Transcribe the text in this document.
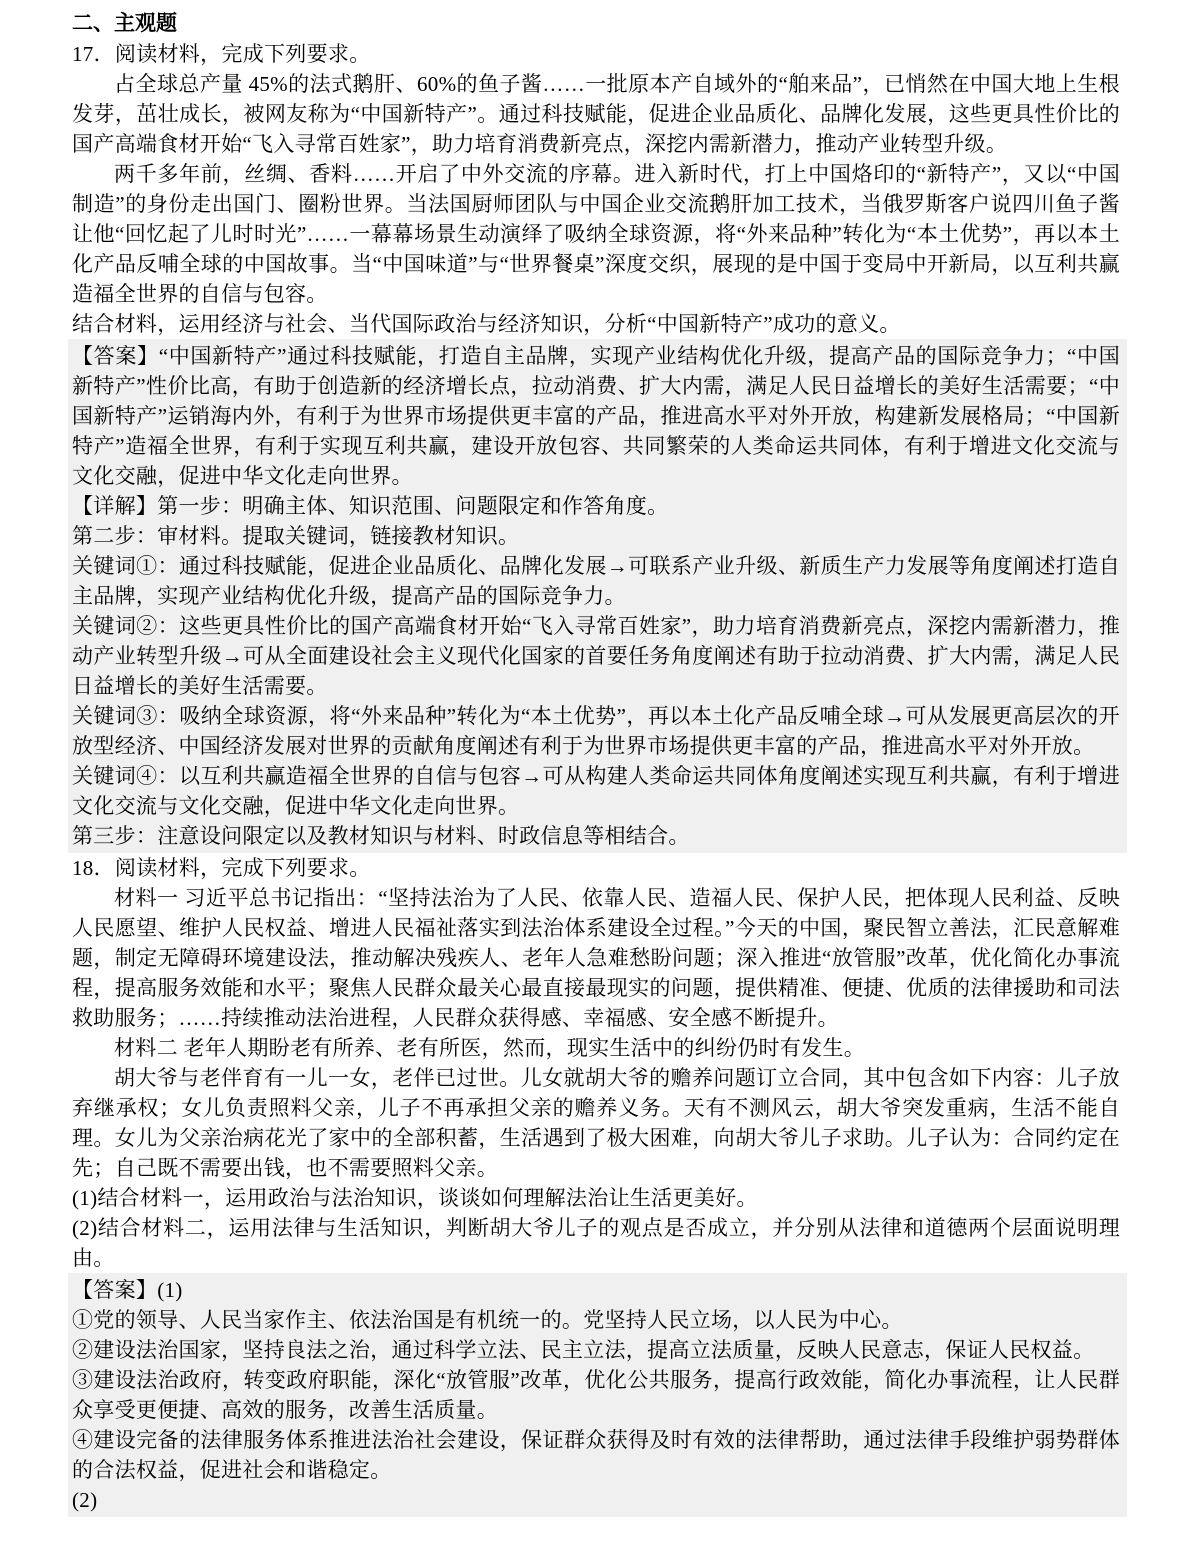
二、主观题

17．阅读材料，完成下列要求。

占全球总产量 45%的法式鹅肝、60%的鱼子酱……一批原本产自域外的“舶来品”，已悄然在中国大地上生根发芽，茁壮成长，被网友称为“中国新特产”。通过科技赋能，促进企业品质化、品牌化发展，这些更具性价比的国产高端食材开始“飞入寻常百姓家”，助力培育消费新亮点，深挖内需新潜力，推动产业转型升级。

两千多年前，丝绸、香料……开启了中外交流的序幕。进入新时代，打上中国烙印的“新特产”，又以“中国制造”的身份走出国门、圈粉世界。当法国厨师团队与中国企业交流鹅肝加工技术，当俄罗斯客户说四川鱼子酱让他“回忆起了儿时时光”……一幕幕场景生动演绎了吸纳全球资源，将“外来品种”转化为“本土优势”，再以本土化产品反哺全球的中国故事。当“中国味道”与“世界餐桌”深度交织，展现的是中国于变局中开新局，以互利共赢造福全世界的自信与包容。

结合材料，运用经济与社会、当代国际政治与经济知识，分析“中国新特产”成功的意义。

【答案】“中国新特产”通过科技赋能，打造自主品牌，实现产业结构优化升级，提高产品的国际竞争力；“中国新特产”性价比高，有助于创造新的经济增长点，拉动消费、扩大内需，满足人民日益增长的美好生活需要；“中国新特产”运销海内外，有利于为世界市场提供更丰富的产品，推进高水平对外开放，构建新发展格局；“中国新特产”造福全世界，有利于实现互利共赢，建设开放包容、共同繁荣的人类命运共同体，有利于增进文化交流与文化交融，促进中华文化走向世界。

【详解】第一步：明确主体、知识范围、问题限定和作答角度。

第二步：审材料。提取关键词，链接教材知识。

关键词①：通过科技赋能，促进企业品质化、品牌化发展→可联系产业升级、新质生产力发展等角度阐述打造自主品牌，实现产业结构优化升级，提高产品的国际竞争力。

关键词②：这些更具性价比的国产高端食材开始“飞入寻常百姓家”，助力培育消费新亮点，深挖内需新潜力，推动产业转型升级→可从全面建设社会主义现代化国家的首要任务角度阐述有助于拉动消费、扩大内需，满足人民日益增长的美好生活需要。

关键词③：吸纳全球资源，将“外来品种”转化为“本土优势”，再以本土化产品反哺全球→可从发展更高层次的开放型经济、中国经济发展对世界的贡献角度阐述有利于为世界市场提供更丰富的产品，推进高水平对外开放。

关键词④：以互利共赢造福全世界的自信与包容→可从构建人类命运共同体角度阐述实现互利共赢，有利于增进文化交流与文化交融，促进中华文化走向世界。

第三步：注意设问限定以及教材知识与材料、时政信息等相结合。

18．阅读材料，完成下列要求。

材料一 习近平总书记指出：“坚持法治为了人民、依靠人民、造福人民、保护人民，把体现人民利益、反映人民愿望、维护人民权益、增进人民福祉落实到法治体系建设全过程。”今天的中国，聚民智立善法，汇民意解难题，制定无障碍环境建设法，推动解决残疾人、老年人急难愁盼问题；深入推进“放管服”改革，优化简化办事流程，提高服务效能和水平；聚焦人民群众最关心最直接最现实的问题，提供精准、便捷、优质的法律援助和司法救助服务；……持续推动法治进程，人民群众获得感、幸福感、安全感不断提升。

材料二 老年人期盼老有所养、老有所医，然而，现实生活中的纠纷仍时有发生。

胡大爷与老伴育有一儿一女，老伴已过世。儿女就胡大爷的赡养问题订立合同，其中包含如下内容：儿子放弃继承权；女儿负责照料父亲，儿子不再承担父亲的赡养义务。天有不测风云，胡大爷突发重病，生活不能自理。女儿为父亲治病花光了家中的全部积蓄，生活遇到了极大困难，向胡大爷儿子求助。儿子认为：合同约定在先；自己既不需要出钱，也不需要照料父亲。

(1)结合材料一，运用政治与法治知识，谈谈如何理解法治让生活更美好。

(2)结合材料二，运用法律与生活知识，判断胡大爷儿子的观点是否成立，并分别从法律和道德两个层面说明理由。

【答案】(1)

①党的领导、人民当家作主、依法治国是有机统一的。党坚持人民立场，以人民为中心。

②建设法治国家，坚持良法之治，通过科学立法、民主立法，提高立法质量，反映人民意志，保证人民权益。

③建设法治政府，转变政府职能，深化“放管服”改革，优化公共服务，提高行政效能，简化办事流程，让人民群众享受更便捷、高效的服务，改善生活质量。

④建设完备的法律服务体系推进法治社会建设，保证群众获得及时有效的法律帮助，通过法律手段维护弱势群体的合法权益，促进社会和谐稳定。

(2)
